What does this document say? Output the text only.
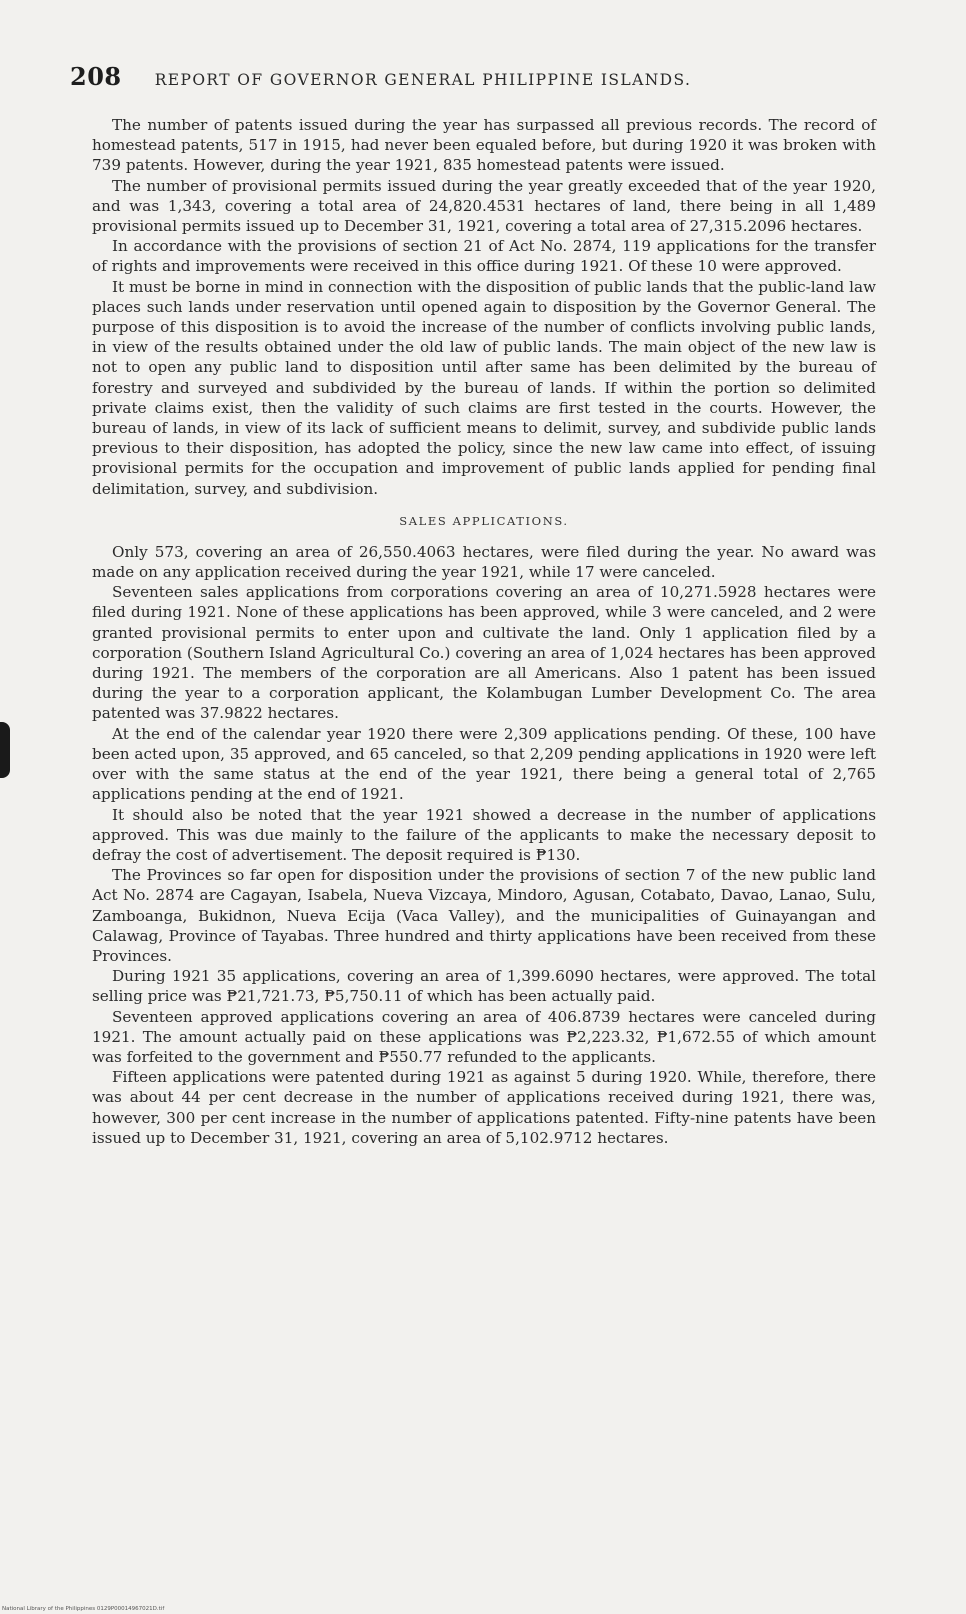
208 REPORT OF GOVERNOR GENERAL PHILIPPINE ISLANDS.

The number of patents issued during the year has surpassed all previous records. The record of homestead patents, 517 in 1915, had never been equaled before, but during 1920 it was broken with 739 patents. However, during the year 1921, 835 homestead patents were issued.

The number of provisional permits issued during the year greatly exceeded that of the year 1920, and was 1,343, covering a total area of 24,820.4531 hectares of land, there being in all 1,489 provisional permits issued up to December 31, 1921, covering a total area of 27,315.2096 hectares.

In accordance with the provisions of section 21 of Act No. 2874, 119 applications for the transfer of rights and improvements were received in this office during 1921. Of these 10 were approved.

It must be borne in mind in connection with the disposition of public lands that the public-land law places such lands under reservation until opened again to disposition by the Governor General. The purpose of this disposition is to avoid the increase of the number of conflicts involving public lands, in view of the results obtained under the old law of public lands. The main object of the new law is not to open any public land to disposition until after same has been delimited by the bureau of forestry and surveyed and subdivided by the bureau of lands. If within the portion so delimited private claims exist, then the validity of such claims are first tested in the courts. However, the bureau of lands, in view of its lack of sufficient means to delimit, survey, and subdivide public lands previous to their disposition, has adopted the policy, since the new law came into effect, of issuing provisional permits for the occupation and improvement of public lands applied for pending final delimitation, survey, and subdivision.

SALES APPLICATIONS.

Only 573, covering an area of 26,550.4063 hectares, were filed during the year. No award was made on any application received during the year 1921, while 17 were canceled.

Seventeen sales applications from corporations covering an area of 10,271.5928 hectares were filed during 1921. None of these applications has been approved, while 3 were canceled, and 2 were granted provisional permits to enter upon and cultivate the land. Only 1 application filed by a corporation (Southern Island Agricultural Co.) covering an area of 1,024 hectares has been approved during 1921. The members of the corporation are all Americans. Also 1 patent has been issued during the year to a corporation applicant, the Kolambugan Lumber Development Co. The area patented was 37.9822 hectares.

At the end of the calendar year 1920 there were 2,309 applications pending. Of these, 100 have been acted upon, 35 approved, and 65 canceled, so that 2,209 pending applications in 1920 were left over with the same status at the end of the year 1921, there being a general total of 2,765 applications pending at the end of 1921.

It should also be noted that the year 1921 showed a decrease in the number of applications approved. This was due mainly to the failure of the applicants to make the necessary deposit to defray the cost of advertisement. The deposit required is ₱130.

The Provinces so far open for disposition under the provisions of section 7 of the new public land Act No. 2874 are Cagayan, Isabela, Nueva Vizcaya, Mindoro, Agusan, Cotabato, Davao, Lanao, Sulu, Zamboanga, Bukidnon, Nueva Ecija (Vaca Valley), and the municipalities of Guinayangan and Calawag, Province of Tayabas. Three hundred and thirty applications have been received from these Provinces.

During 1921 35 applications, covering an area of 1,399.6090 hectares, were approved. The total selling price was ₱21,721.73, ₱5,750.11 of which has been actually paid.

Seventeen approved applications covering an area of 406.8739 hectares were canceled during 1921. The amount actually paid on these applications was ₱2,223.32, ₱1,672.55 of which amount was forfeited to the government and ₱550.77 refunded to the applicants.

Fifteen applications were patented during 1921 as against 5 during 1920. While, therefore, there was about 44 per cent decrease in the number of applications received during 1921, there was, however, 300 per cent increase in the number of applications patented. Fifty-nine patents have been issued up to December 31, 1921, covering an area of 5,102.9712 hectares.

National Library of the Philippines 0129P00014967021D.tif
